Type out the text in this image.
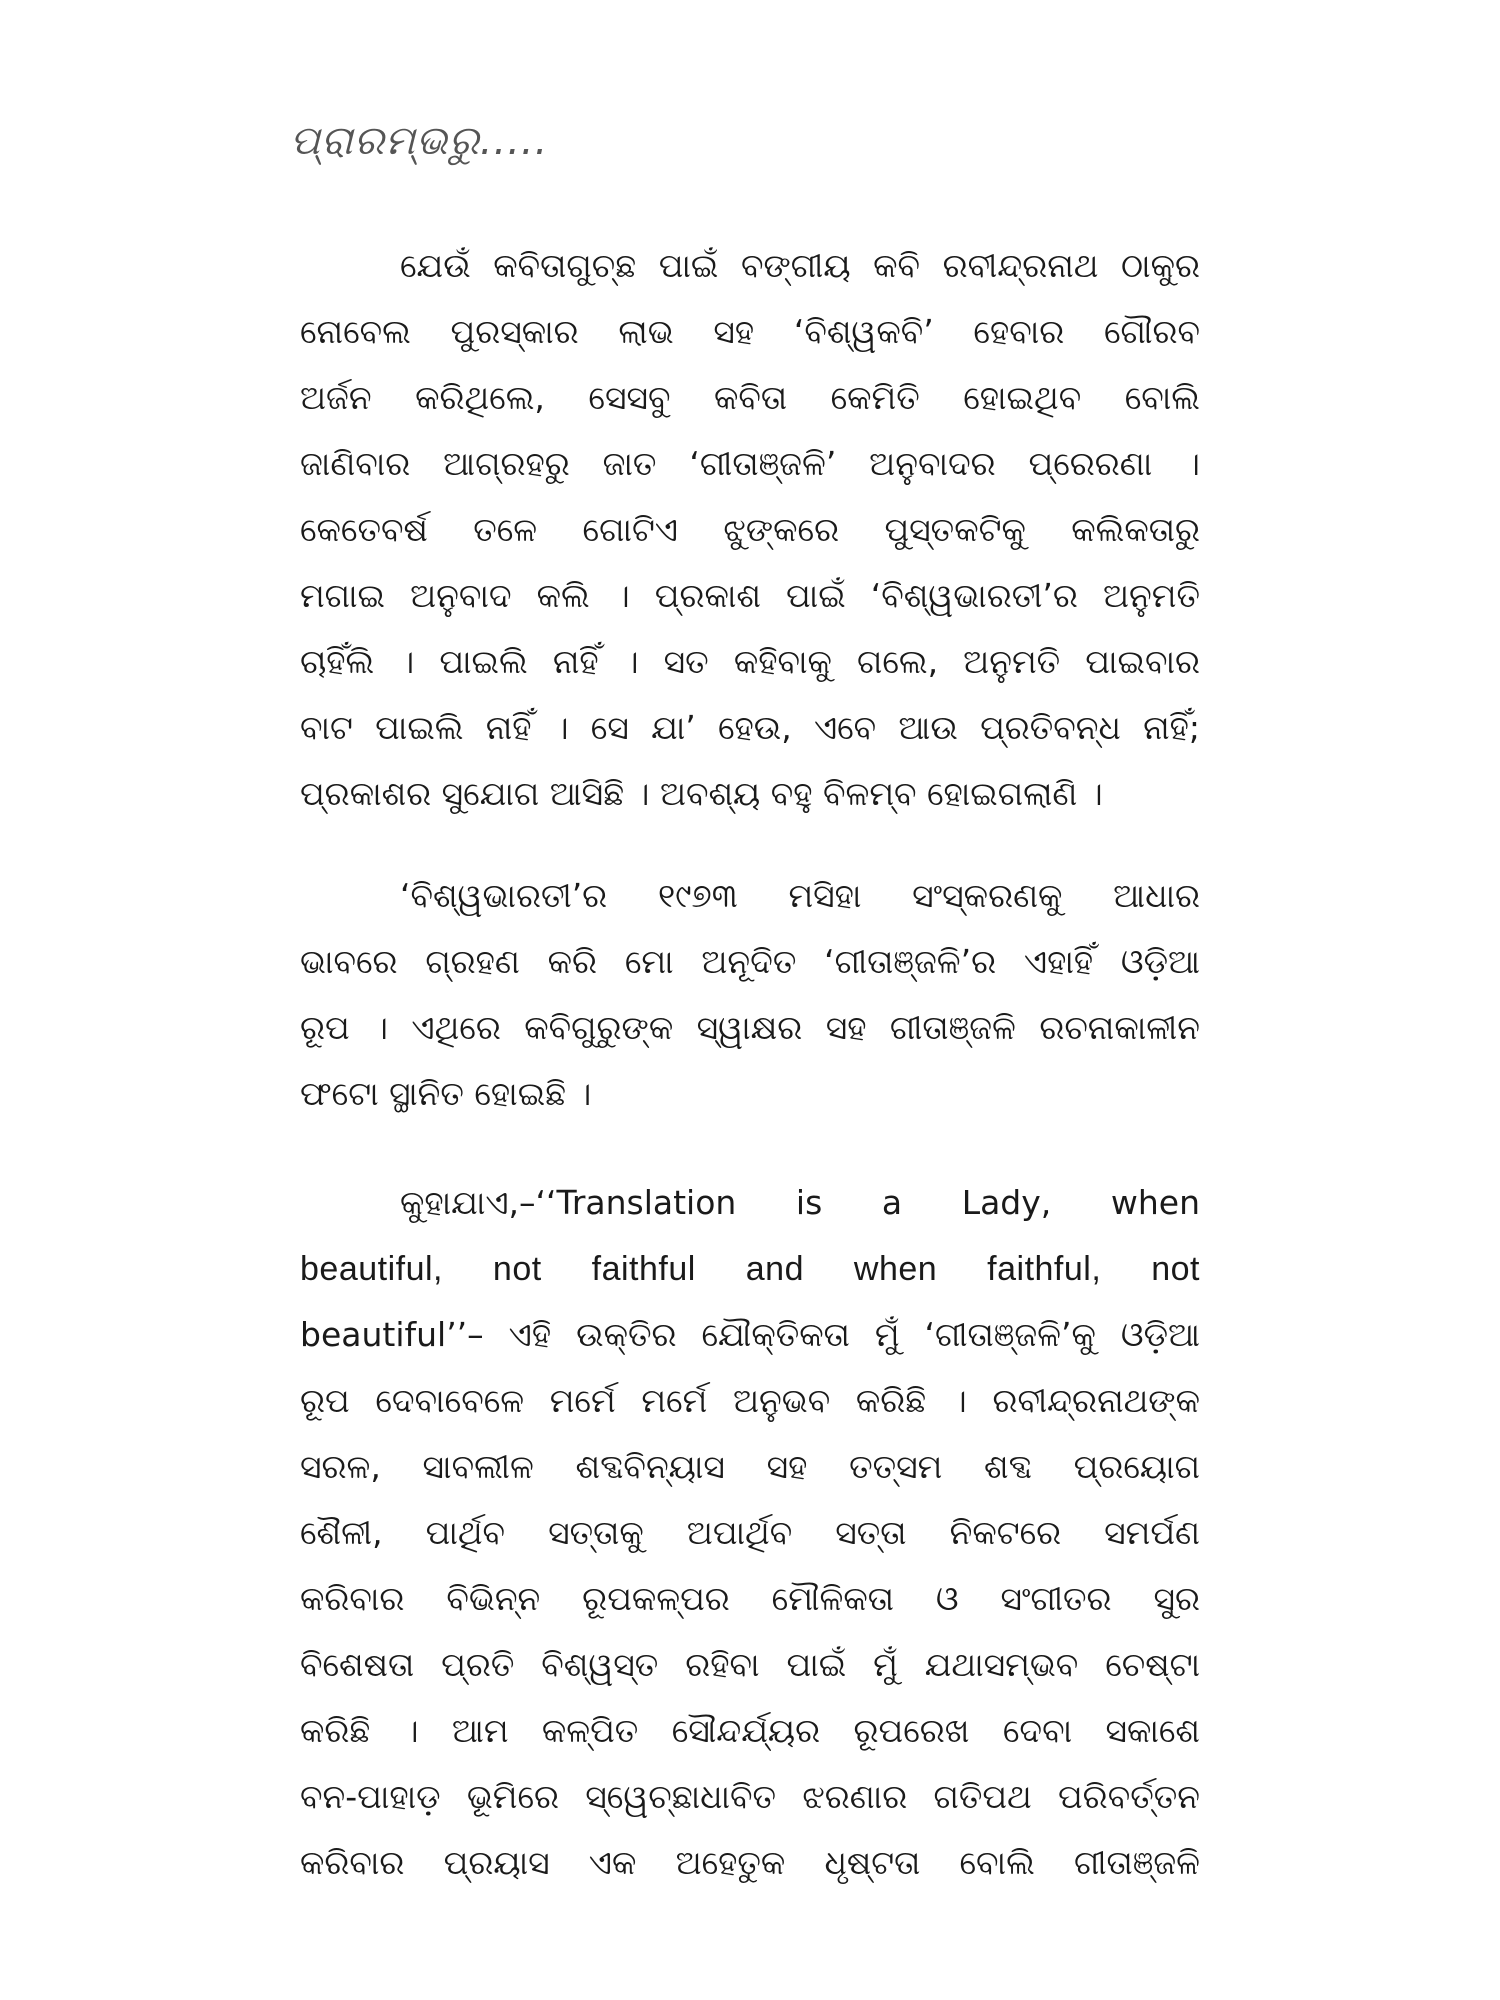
ପ୍ରାରମ୍ଭରୁ.....
ଯେଉଁ କବିତାଗୁଚ୍ଛ ପାଇଁ ବଙ୍ଗୀୟ କବି ରବୀନ୍ଦ୍ରନାଥ ଠାକୁର
ନୋବେଲ ପୁରସ୍କାର ଲାଭ ସହ ‘ବିଶ୍ୱକବି’ ହେବାର ଗୌରବ
ଅର୍ଜନ କରିଥିଲେ, ସେସବୁ କବିତା କେମିତି ହୋଇଥିବ ବୋଲି
ଜାଣିବାର ଆଗ୍ରହରୁ ଜାତ ‘ଗୀତାଞ୍ଜଳି’ ଅନୁବାଦର ପ୍ରେରଣା ।
କେତେବର୍ଷ ତଳେ ଗୋଟିଏ ଝୁଙ୍କରେ ପୁସ୍ତକଟିକୁ କଲିକତାରୁ
ମଗାଇ ଅନୁବାଦ କଲି । ପ୍ରକାଶ ପାଇଁ ‘ବିଶ୍ୱଭାରତୀ’ର ଅନୁମତି
ଚାହିଁଲି । ପାଇଲି ନାହିଁ । ସତ କହିବାକୁ ଗଲେ, ଅନୁମତି ପାଇବାର
ବାଟ ପାଇଲି ନାହିଁ । ସେ ଯା’ ହେଉ, ଏବେ ଆଉ ପ୍ରତିବନ୍ଧ ନାହିଁ;
ପ୍ରକାଶର ସୁଯୋଗ ଆସିଛି । ଅବଶ୍ୟ ବହୁ ବିଳମ୍ବ ହୋଇଗଲାଣି ।
‘ବିଶ୍ୱଭାରତୀ’ର ୧୯୭୩ ମସିହା ସଂସ୍କରଣକୁ ଆଧାର
ଭାବରେ ଗ୍ରହଣ କରି ମୋ ଅନୂଦିତ ‘ଗୀତାଞ୍ଜଳି’ର ଏହାହିଁ ଓଡ଼ିଆ
ରୂପ । ଏଥିରେ କବିଗୁରୁଙ୍କ ସ୍ୱାକ୍ଷର ସହ ଗୀତାଞ୍ଜଳି ରଚନାକାଳୀନ
ଫଟୋ ସ୍ଥାନିତ ହୋଇଛି ।
କୁହାଯାଏ,–‘‘Translation is a Lady, when
beautiful, not faithful and when faithful, not
beautiful’’– ଏହି ଉକ୍ତିର ଯୌକ୍ତିକତା ମୁଁ ‘ଗୀତାଞ୍ଜଳି’କୁ ଓଡ଼ିଆ
ରୂପ ଦେବାବେଳେ ମର୍ମେ ମର୍ମେ ଅନୁଭବ କରିଛି । ରବୀନ୍ଦ୍ରନାଥଙ୍କ
ସରଳ, ସାବଲୀଳ ଶବ୍ଦବିନ୍ୟାସ ସହ ତତ୍‌ସମ ଶବ୍ଦ ପ୍ରୟୋଗ
ଶୈଳୀ, ପାର୍ଥିବ ସତ୍ତାକୁ ଅପାର୍ଥିବ ସତ୍ତା ନିକଟରେ ସମର୍ପଣ
କରିବାର ବିଭିନ୍ନ ରୂପକଳ୍ପର ମୌଳିକତା ଓ ସଂଗୀତର ସୁର
ବିଶେଷତା ପ୍ରତି ବିଶ୍ୱସ୍ତ ରହିବା ପାଇଁ ମୁଁ ଯଥାସମ୍ଭବ ଚେଷ୍ଟା
କରିଛି । ଆମ କଳ୍ପିତ ସୌନ୍ଦର୍ଯ୍ୟର ରୂପରେଖ ଦେବା ସକାଶେ
ବନ-ପାହାଡ଼ ଭୂମିରେ ସ୍ୱେଚ୍ଛାଧାବିତ ଝରଣାର ଗତିପଥ ପରିବର୍ତ୍ତନ
କରିବାର ପ୍ରୟାସ ଏକ ଅହେତୁକ ଧୃଷ୍ଟତା ବୋଲି ଗୀତାଞ୍ଜଳି
